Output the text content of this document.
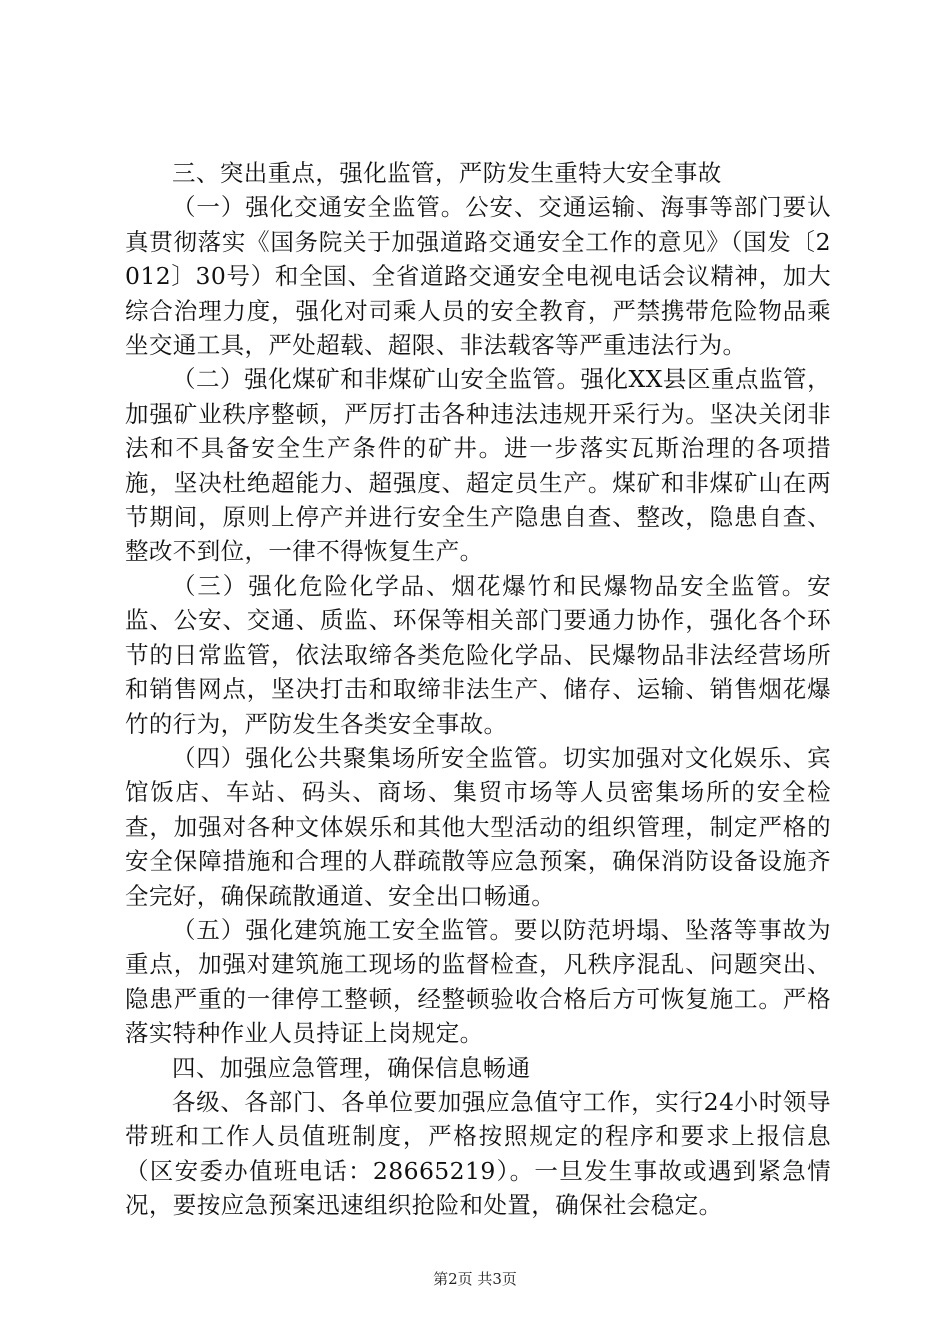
三、突出重点，强化监管，严防发生重特大安全事故

（一）强化交通安全监管。公安、交通运输、海事等部门要认真贯彻落实《国务院关于加强道路交通安全工作的意见》（国发〔2012〕30号）和全国、全省道路交通安全电视电话会议精神，加大综合治理力度，强化对司乘人员的安全教育，严禁携带危险物品乘坐交通工具，严处超载、超限、非法载客等严重违法行为。

（二）强化煤矿和非煤矿山安全监管。强化XX县区重点监管，加强矿业秩序整顿，严厉打击各种违法违规开采行为。坚决关闭非法和不具备安全生产条件的矿井。进一步落实瓦斯治理的各项措施，坚决杜绝超能力、超强度、超定员生产。煤矿和非煤矿山在两节期间，原则上停产并进行安全生产隐患自查、整改，隐患自查、整改不到位，一律不得恢复生产。

（三）强化危险化学品、烟花爆竹和民爆物品安全监管。安监、公安、交通、质监、环保等相关部门要通力协作，强化各个环节的日常监管，依法取缔各类危险化学品、民爆物品非法经营场所和销售网点，坚决打击和取缔非法生产、储存、运输、销售烟花爆竹的行为，严防发生各类安全事故。

（四）强化公共聚集场所安全监管。切实加强对文化娱乐、宾馆饭店、车站、码头、商场、集贸市场等人员密集场所的安全检查，加强对各种文体娱乐和其他大型活动的组织管理，制定严格的安全保障措施和合理的人群疏散等应急预案，确保消防设备设施齐全完好，确保疏散通道、安全出口畅通。

（五）强化建筑施工安全监管。要以防范坍塌、坠落等事故为重点，加强对建筑施工现场的监督检查，凡秩序混乱、问题突出、隐患严重的一律停工整顿，经整顿验收合格后方可恢复施工。严格落实特种作业人员持证上岗规定。

四、加强应急管理，确保信息畅通

各级、各部门、各单位要加强应急值守工作，实行24小时领导带班和工作人员值班制度，严格按照规定的程序和要求上报信息（区安委办值班电话：28665219）。一旦发生事故或遇到紧急情况，要按应急预案迅速组织抢险和处置，确保社会稳定。

第2页 共3页
